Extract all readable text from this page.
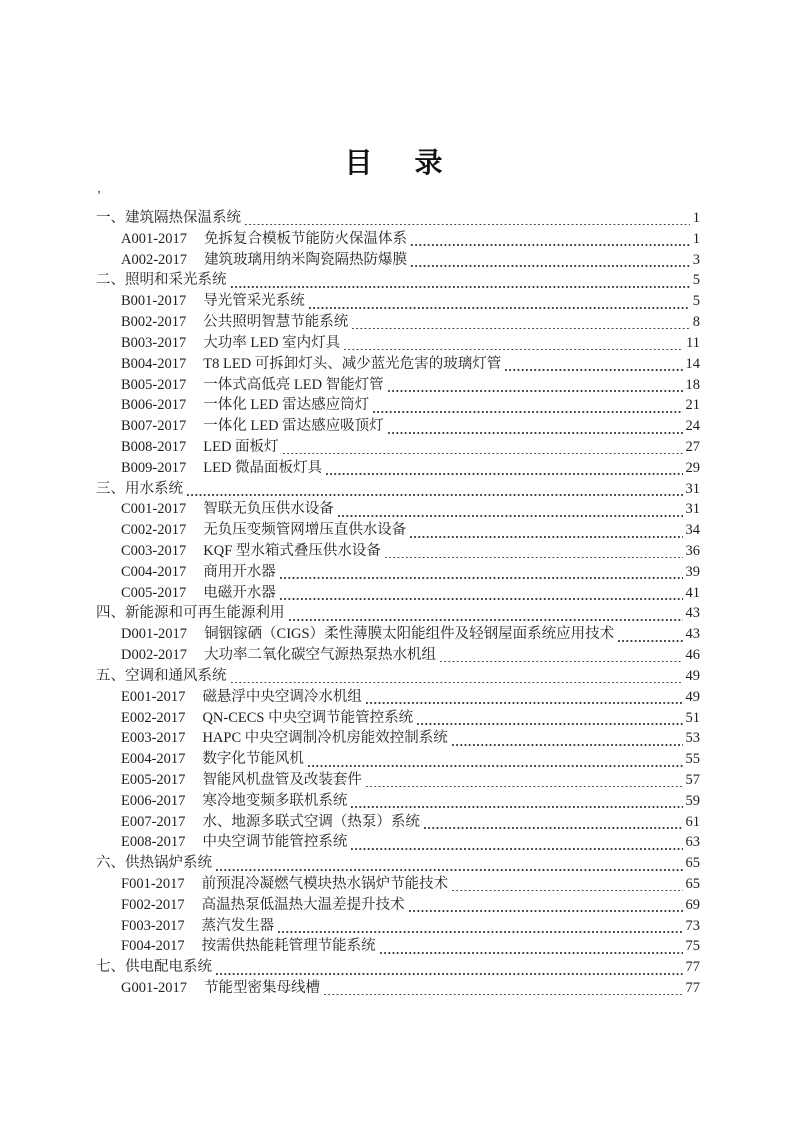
目　录
ʼ
一、建筑隔热保温系统	1
A001-2017 免拆复合模板节能防火保温体系	1
A002-2017 建筑玻璃用纳米陶瓷隔热防爆膜	3
二、照明和采光系统	5
B001-2017 导光管采光系统	5
B002-2017 公共照明智慧节能系统	8
B003-2017 大功率 LED 室内灯具	11
B004-2017 T8 LED 可拆卸灯头、减少蓝光危害的玻璃灯管	14
B005-2017 一体式高低亮 LED 智能灯管	18
B006-2017 一体化 LED 雷达感应筒灯	21
B007-2017 一体化 LED 雷达感应吸顶灯	24
B008-2017 LED 面板灯	27
B009-2017 LED 微晶面板灯具	29
三、用水系统	31
C001-2017 智联无负压供水设备	31
C002-2017 无负压变频管网增压直供水设备	34
C003-2017 KQF 型水箱式叠压供水设备	36
C004-2017 商用开水器	39
C005-2017 电磁开水器	41
四、新能源和可再生能源利用	43
D001-2017 铜铟镓硒（CIGS）柔性薄膜太阳能组件及轻钢屋面系统应用技术	43
D002-2017 大功率二氧化碳空气源热泵热水机组	46
五、空调和通风系统	49
E001-2017 磁悬浮中央空调冷水机组	49
E002-2017 QN-CECS 中央空调节能管控系统	51
E003-2017 HAPC 中央空调制冷机房能效控制系统	53
E004-2017 数字化节能风机	55
E005-2017 智能风机盘管及改装套件	57
E006-2017 寒冷地变频多联机系统	59
E007-2017 水、地源多联式空调（热泵）系统	61
E008-2017 中央空调节能管控系统	63
六、供热锅炉系统	65
F001-2017 前预混冷凝燃气模块热水锅炉节能技术	65
F002-2017 高温热泵低温热大温差提升技术	69
F003-2017 蒸汽发生器	73
F004-2017 按需供热能耗管理节能系统	75
七、供电配电系统	77
G001-2017 节能型密集母线槽	77
